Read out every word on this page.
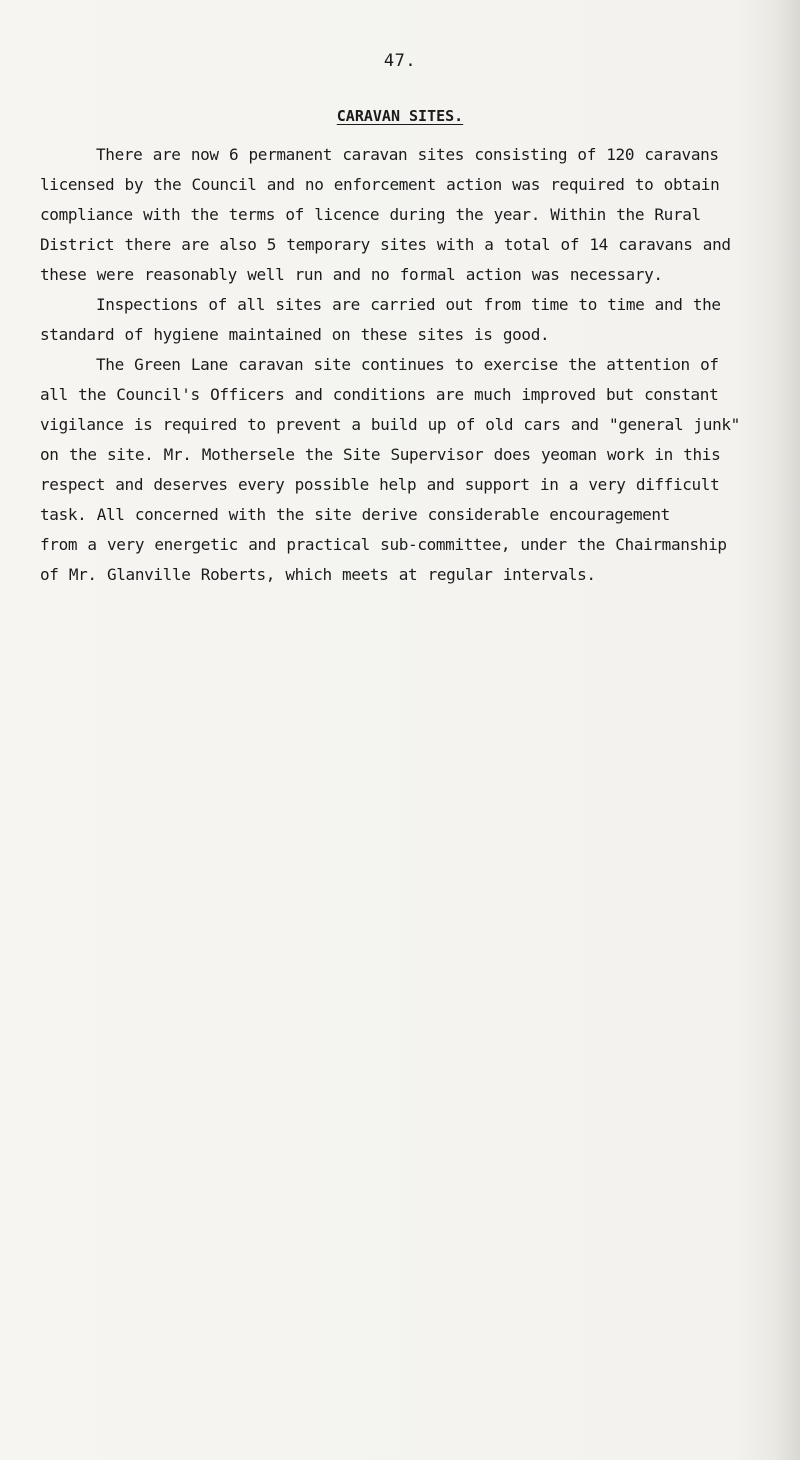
47.
CARAVAN SITES.

There are now 6 permanent caravan sites consisting of 120 caravans
licensed by the Council and no enforcement action was required to obtain
compliance with the terms of licence during the year. Within the Rural
District there are also 5 temporary sites with a total of 14 caravans and
these were reasonably well run and no formal action was necessary.

Inspections of all sites are carried out from time to time and the
standard of hygiene maintained on these sites is good.

The Green Lane caravan site continues to exercise the attention of
all the Council's Officers and conditions are much improved but constant
vigilance is required to prevent a build up of old cars and "general junk"
on the site. Mr. Mothersele the Site Supervisor does yeoman work in this
respect and deserves every possible help and support in a very difficult
task. All concerned with the site derive considerable encouragement
from a very energetic and practical sub-committee, under the Chairmanship
of Mr. Glanville Roberts, which meets at regular intervals.
